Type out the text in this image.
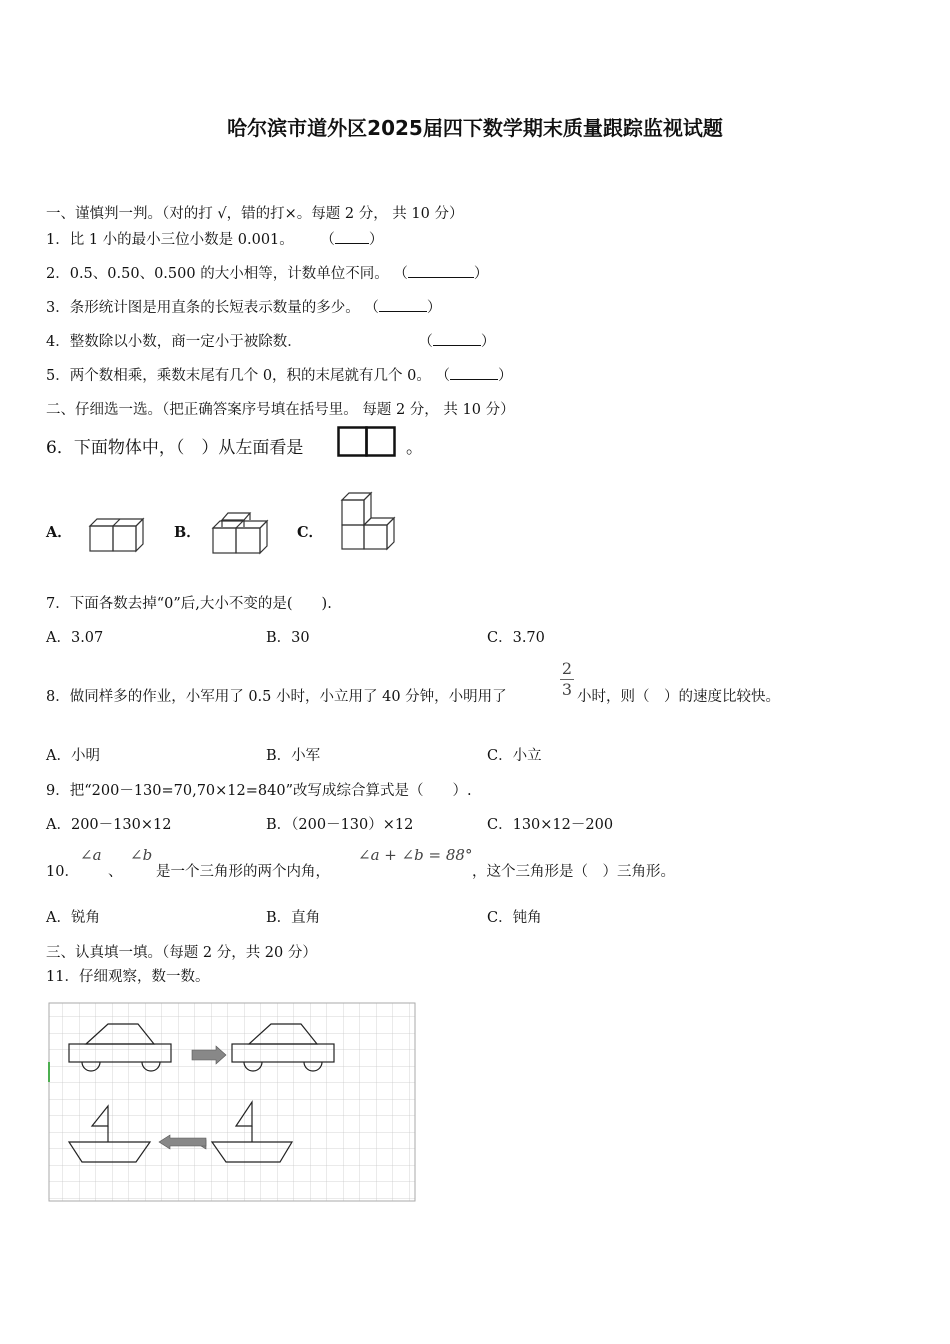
哈尔滨市道外区2025届四下数学期末质量跟踪监视试题
一、谨慎判一判。（对的打 √，错的打×。每题 2 分， 共 10 分）
1．比 1 小的最小三位小数是 0.001。 （ ）
2．0.5、0.50、0.500 的大小相等，计数单位不同。 （	）
3．条形统计图是用直条的长短表示数量的多少。 （	）
4．整数除以小数，商一定小于被除数．	（	）
5．两个数相乘，乘数末尾有几个 0，积的末尾就有几个 0。 （	）
二、仔细选一选。（把正确答案序号填在括号里。 每题 2 分， 共 10 分）
6．下面物体中，（　）从左面看是	。
A．	B．	C．
7．下面各数去掉“0”后,大小不变的是(　　).
A．3.07	B．30	C．3.70
8．做同样多的作业，小军用了 0.5 小时，小立用了 40 分钟，小明用了
2
3 小时，则（　）的速度比较快。
A．小明	B．小军	C．小立
9．把“200－130=70,70×12=840”改写成综合算式是（　　）.
A．200－130×12	B．（200－130）×12	C．130×12－200
10．
∠a
、
∠b
是一个三角形的两个内角，
∠a + ∠b = 88°
，这个三角形是（　）三角形。
A．锐角	B．直角	C．钝角
三、认真填一填。（每题 2 分，共 20 分）
11．仔细观察，数一数。
